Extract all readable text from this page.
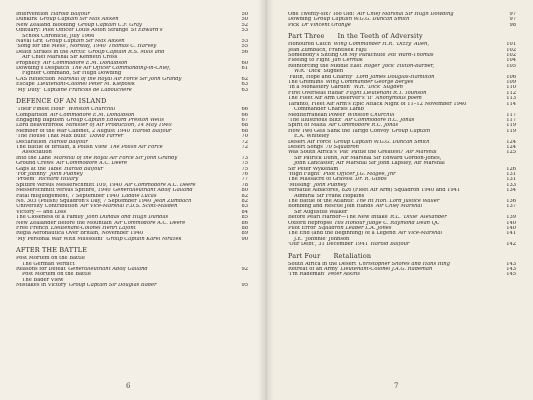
Intervention  Harold Balfour	50
Dunkirk  Group Captain Sir Max Aitken	50
New Zealand Blooding  Group Captain C.F. Gray	52
Obituary: Pilot Officer Louis Aston Strange  St Edward's	53
School Chronicle, July 1966
Naval Grit  Group Captain Sir Max Aitken	53
'Song for the Mess', Norway, 1940  Thomas C. Harvey	55
Death Strikes in the Arctic  Group Captain R.S. Mills and	56
Air Chief Marshal Sir Kenneth Cross
Prophecy  Air Commodore E.M. Donaldson	60
Dowding's Despatch  The Air Officer Commanding-in-Chief,	61
Fighter Command, Sir Hugh Dowding
CAS Reflection  Marshal of the Royal Air Force Sir John Grandy	62
Escape  Lieutenant-Colonel Peter M. Kleposik	63
'My Duty'  Captaine Francois de Labouchère	63
DEFENCE OF AN ISLAND
'Their Finest Hour'  Winston Churchill	66
Comparison  Air Commodore E.M. Donaldson	66
Engaging Baptism  Group Captain Edward Preston Wells	67
Lord Beaverbrook  Minister of Air Production, 14 May 1940	68
Member of the War Cabinet, 2 August 1940  Harold Balfour	68
'The House That Max Built'  David Farrer	70
Declaration  Harold Balfour	72
The Battle of Britain, a Polish View  The Polish Air Force	72
Association
Into the Lane  Marshal of the Royal Air Force Sir John Grandy	73
Ground Crews  Air Commodore A.C. Deere	75
Gaps at the Table  Harold Balfour	75
'For Johnny'  John Pudney	76
'Proem'  Richard Hillary	77
Spitfire versus Messerschmitt 109, 1940  Air Commodore A.C. Deere	78
Messerschmitt versus Spitfire, 1940  Generalleutnant Adolf Galland	80
Fatal misjudgement, 7 September 1940  Laddie Lucas	82
No. 303 (Polish) Squadron's Day, 7 September 1940  Jean Zumbach	82
University Contribution  Air Vice-Marshal F.D.S. Scott-Malden	83
Victory — and Loss	84
The Closeness of a Family  John Dundas and Hugh Dundas	85
New Zealander Before the Mountain  Air Commodore A.C. Deere	86
Free French  Lieutenant-Colonel Henri Lafont	88
Regia Aeronautica Over Britain, November 1940	89
'My Personal War With Mussolini'  Group Captain Karel Mrazek	90
AFTER THE BATTLE
Post Mortem on the Battle
The German Verdict
Reasons for Defeat  Generalleutnant Adolf Galland	92
Post Mortem on the Battle
The Bader View
Mistakes in Victory  Group Captain Sir Douglas Bader	95
6
One Twenty-six? Too Old!  Air Chief Marshal Sir Hugh Dowding	97
Dowding  Group Captain W.G.G. Duncan Smith	97
Pick  Dr Vincent Orange	98
Part Three   In the Teeth of Adversity
Honoured Catch  Wing Commander H.R. 'Dizzy' Allen,	101
Jean Zumbach, František Fajtl	102
Somebody's Sitting On My Parachute  Pat Ward-Thomas	102
Fleeing to Fight  Jan Čermák	104
Reinforcing the Middle East  Roger 'Jock' Hilton-Barber,	105
W.R. 'Dick' Sugden
'Faith, Hope and Charity'  Lord James Douglas-Hamilton	106
The Gremlins  Wing Commander George Berges	109
'In a Monastery Garden'  W.R. 'Dick' Sugden	110
First Overseas Radar  Flight Lieutenant R.T. Tounson	112
The Fleet Air Arm Observer's 'If'  Anonymous poem	113
Taranto, Fleet Air Arm's Epic Attack Night of 11–12 November 1940	114
Commander Charles Lamb
Mediterranean Power  Winston Churchill	117
'The Illustrious Blitz'  Air Commodore R.C. Jonas	117
Spirit of Malta  Air Commodore R.C. Jonas	119
How Two Gels Sank the Tarigo Convoy  Group Captain	119
E.A. Whiteley
Desert Air Force  Group Captain W.G.G. Duncan Smith	124
Desert Songs  70 Squadron	124
Was South Africa's 'Pat' Pattle the Greatest?  Air Marshal	125
Sir Patrick Dunn, Air Marshal Sir Edward Gordon-Jones,
John Lancaster, Air Marshal Sir John Lapsley, Air Marshal
Sir Peter Wykeham	126
'High Flight'  Pilot Officer J.G. Magee, Jnr	131
The Massacre of Gravosi  Dr. R. Gibbs	131
'Missing'  John Pudney	133
Versatile Albacores, 826 (Fleet Air Arm) Squadron 1940 and 1941	134
Admiral Sir Frank Hopkins
The Battle of the Atlantic  The Rt Hon. Lord Justice Waller	136
Bombing and Rescue Join Hands  Air Chief Marshal	137
Sir Augustus Walker
Before Pearl Harbor—The New Intake  R.L. 'Dixie' Alexander	139
Oxford Repropse  His Honour Judge C. Raymond Dean QC	140
Pilot Error  Squadron Leader L.A. Jones	140
The End (and the Beginning) of a Legend  Air Vice-Marshal	141
J.E. 'Johnnie' Johnson
'Our Debt', 31 December 1941  Harold Balfour	142
Part Four   Retaliation
South Africa in the Desert  Christopher Shores and Hans Ring	143
Retreat of an Army  Lieutenant-Colonel J.A.G. Rademan	143
'I'm Rademan'  Peter Atkins	145
7
